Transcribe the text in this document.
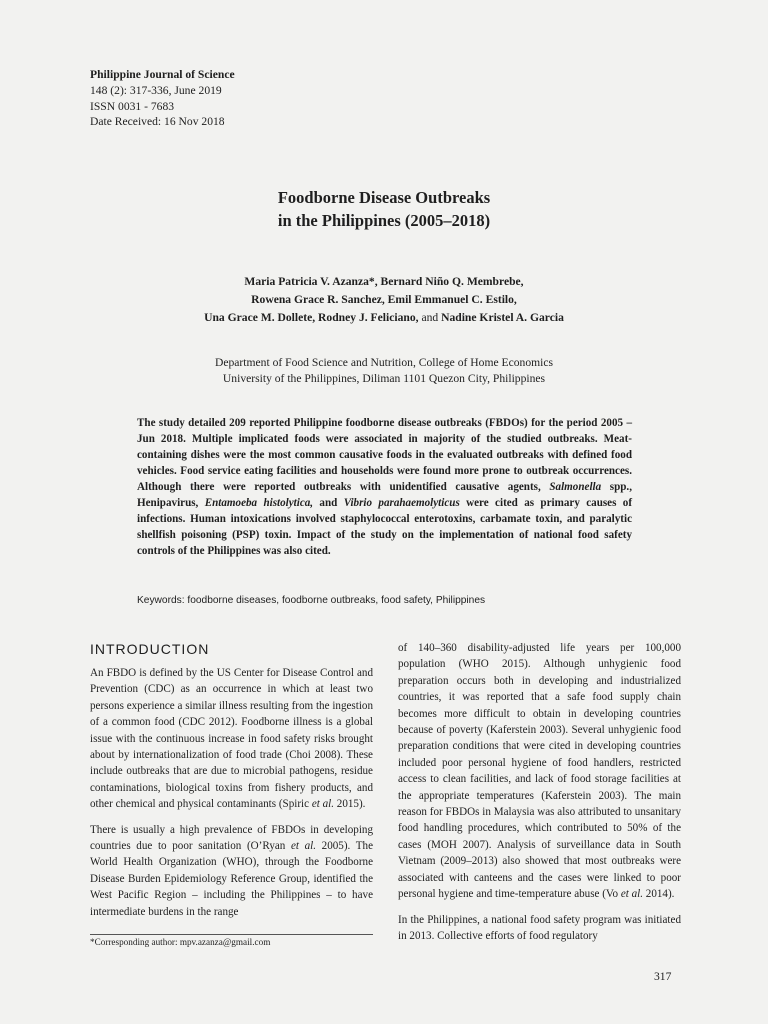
Philippine Journal of Science
148 (2): 317-336, June 2019
ISSN 0031 - 7683
Date Received: 16 Nov 2018
Foodborne Disease Outbreaks
in the Philippines (2005–2018)
Maria Patricia V. Azanza*, Bernard Niño Q. Membrebe,
Rowena Grace R. Sanchez, Emil Emmanuel C. Estilo,
Una Grace M. Dollete, Rodney J. Feliciano, and Nadine Kristel A. Garcia
Department of Food Science and Nutrition, College of Home Economics
University of the Philippines, Diliman 1101 Quezon City, Philippines
The study detailed 209 reported Philippine foodborne disease outbreaks (FBDOs) for the period 2005 – Jun 2018. Multiple implicated foods were associated in majority of the studied outbreaks. Meat-containing dishes were the most common causative foods in the evaluated outbreaks with defined food vehicles. Food service eating facilities and households were found more prone to outbreak occurrences. Although there were reported outbreaks with unidentified causative agents, Salmonella spp., Henipavirus, Entamoeba histolytica, and Vibrio parahaemolyticus were cited as primary causes of infections. Human intoxications involved staphylococcal enterotoxins, carbamate toxin, and paralytic shellfish poisoning (PSP) toxin. Impact of the study on the implementation of national food safety controls of the Philippines was also cited.
Keywords: foodborne diseases, foodborne outbreaks, food safety, Philippines
INTRODUCTION

An FBDO is defined by the US Center for Disease Control and Prevention (CDC) as an occurrence in which at least two persons experience a similar illness resulting from the ingestion of a common food (CDC 2012). Foodborne illness is a global issue with the continuous increase in food safety risks brought about by internationalization of food trade (Choi 2008). These include outbreaks that are due to microbial pathogens, residue contaminations, biological toxins from fishery products, and other chemical and physical contaminants (Spiric et al. 2015).

There is usually a high prevalence of FBDOs in developing countries due to poor sanitation (O’Ryan et al. 2005). The World Health Organization (WHO), through the Foodborne Disease Burden Epidemiology Reference Group, identified the West Pacific Region – including the Philippines – to have intermediate burdens in the range

of 140–360 disability-adjusted life years per 100,000 population (WHO 2015). Although unhygienic food preparation occurs both in developing and industrialized countries, it was reported that a safe food supply chain becomes more difficult to obtain in developing countries because of poverty (Kaferstein 2003). Several unhygienic food preparation conditions that were cited in developing countries included poor personal hygiene of food handlers, restricted access to clean facilities, and lack of food storage facilities at the appropriate temperatures (Kaferstein 2003). The main reason for FBDOs in Malaysia was also attributed to unsanitary food handling procedures, which contributed to 50% of the cases (MOH 2007). Analysis of surveillance data in South Vietnam (2009–2013) also showed that most outbreaks were associated with canteens and the cases were linked to poor personal hygiene and time-temperature abuse (Vo et al. 2014).

In the Philippines, a national food safety program was initiated in 2013. Collective efforts of food regulatory

*Corresponding author: mpv.azanza@gmail.com
317
